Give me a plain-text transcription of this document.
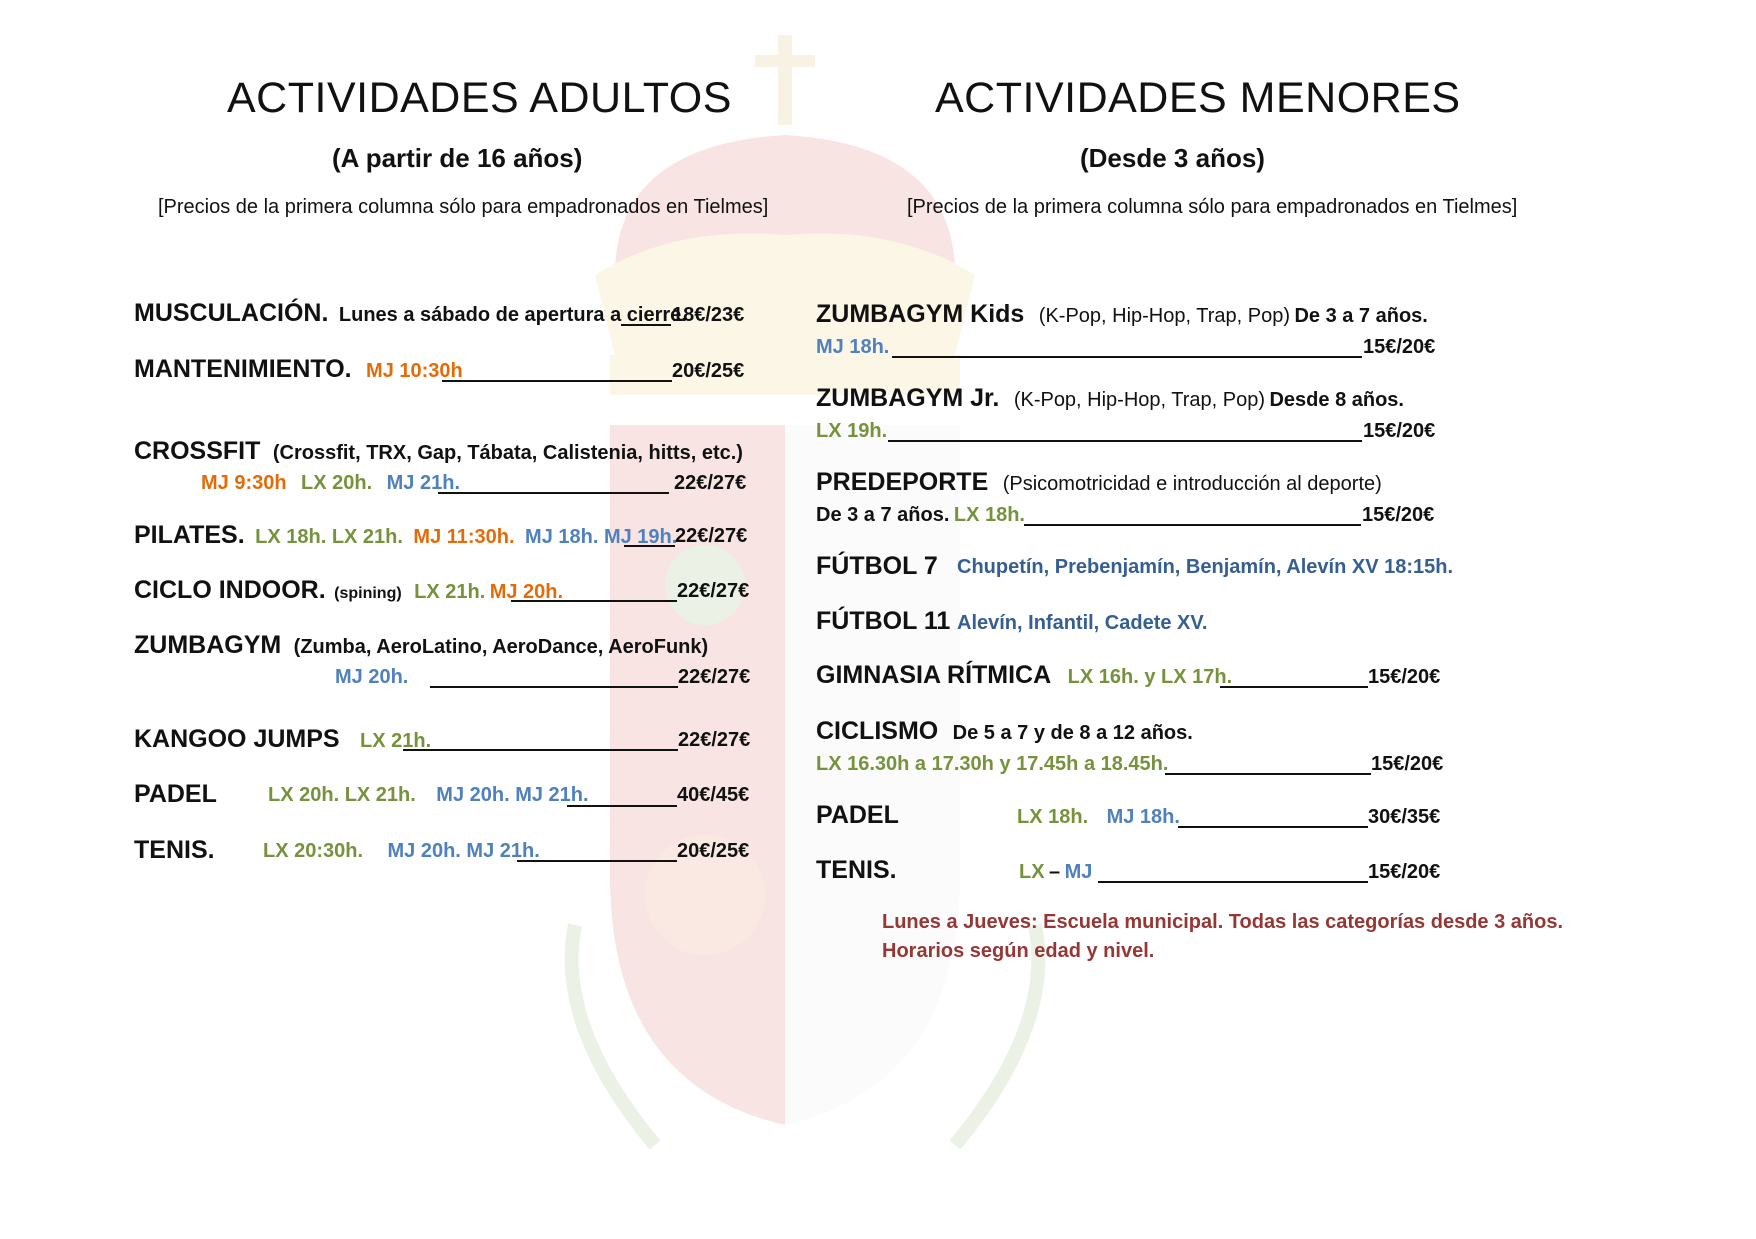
ACTIVIDADES ADULTOS
(A partir de 16 años)
[Precios de la primera columna sólo para empadronados en Tielmes]
MUSCULACIÓN. Lunes a sábado de apertura a cierre.
18€/23€
MANTENIMIENTO. MJ 10:30h	20€/25€
CROSSFIT (Crossfit, TRX, Gap, Tábata, Calistenia, hitts, etc.)
MJ 9:30h LX 20h. MJ 21h.	22€/27€
PILATES. LX 18h. LX 21h. MJ 11:30h. MJ 18h. MJ 19h.
22€/27€
CICLO INDOOR. (spining) LX 21h. MJ 20h.	22€/27€
ZUMBAGYM (Zumba, AeroLatino, AeroDance, AeroFunk)
MJ 20h.	22€/27€
KANGOO JUMPS LX 21h.	22€/27€
PADEL	LX 20h. LX 21h. MJ 20h. MJ 21h.	40€/45€
TENIS. LX 20:30h. MJ 20h. MJ 21h.	20€/25€
ACTIVIDADES MENORES
(Desde 3 años)
[Precios de la primera columna sólo para empadronados en Tielmes]
ZUMBAGYM Kids (K-Pop, Hip-Hop, Trap, Pop) De 3 a 7 años.
MJ 18h.	15€/20€
ZUMBAGYM Jr. (K-Pop, Hip-Hop, Trap, Pop) Desde 8 años.
LX 19h.	15€/20€
PREDEPORTE (Psicomotricidad e introducción al deporte)
De 3 a 7 años. LX 18h.	15€/20€
FÚTBOL 7 Chupetín, Prebenjamín, Benjamín, Alevín XV 18:15h.
FÚTBOL 11 Alevín, Infantil, Cadete XV.
GIMNASIA RÍTMICA LX 16h. y LX 17h.	15€/20€
CICLISMO De 5 a 7 y de 8 a 12 años.
LX 16.30h a 17.30h y 17.45h a 18.45h.	15€/20€
PADEL	LX 18h. MJ 18h.	30€/35€
TENIS.	LX – MJ	15€/20€
Lunes a Jueves: Escuela municipal. Todas las categorías desde 3 años.
Horarios según edad y nivel.
